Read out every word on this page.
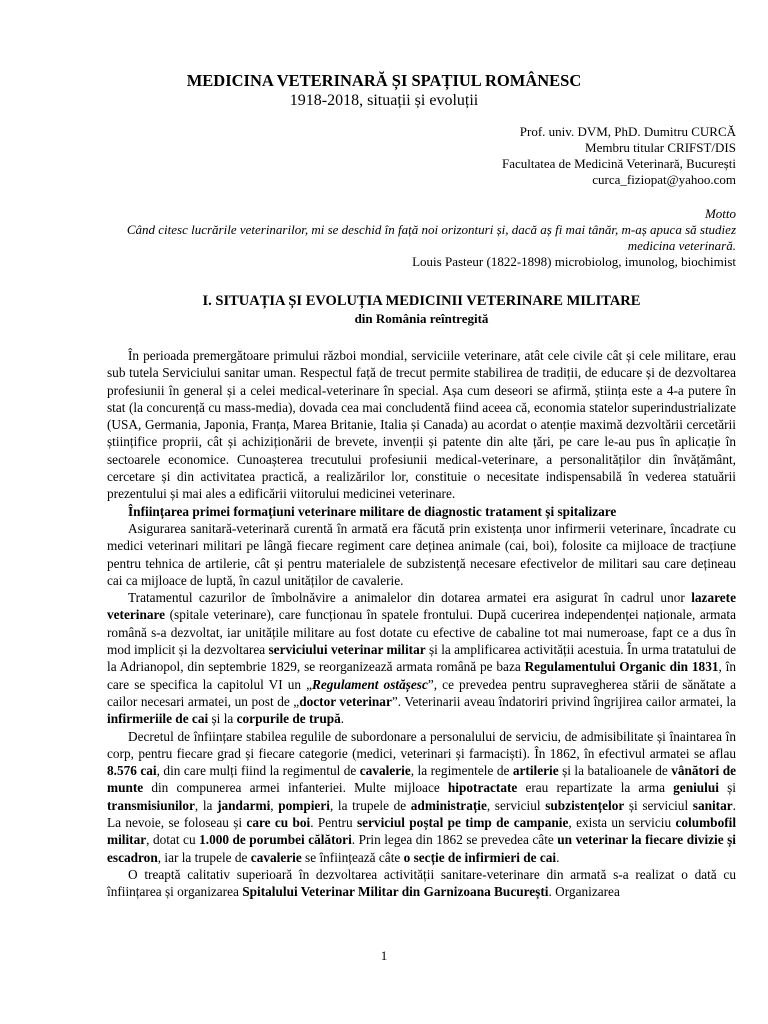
MEDICINA VETERINARĂ ȘI SPAȚIUL ROMÂNESC
1918-2018, situații și evoluții
Prof. univ. DVM, PhD. Dumitru CURCĂ
Membru titular CRIFST/DIS
Facultatea de Medicină Veterinară, București
curca_fiziopat@yahoo.com
Motto
Când citesc lucrările veterinarilor, mi se deschid în față noi orizonturi și, dacă aș fi mai tânăr, m-aș apuca să studiez medicina veterinară.
Louis Pasteur (1822-1898) microbiolog, imunolog, biochimist
I. SITUAȚIA ȘI EVOLUȚIA MEDICINII VETERINARE MILITARE
din România reîntregită

În perioada premergătoare primului război mondial, serviciile veterinare, atât cele civile cât și cele militare, erau sub tutela Serviciului sanitar uman. Respectul față de trecut permite stabilirea de tradiții, de educare și de dezvoltarea profesiunii în general și a celei medical-veterinare în special. Așa cum deseori se afirmă, știința este a 4-a putere în stat (la concurență cu mass-media), dovada cea mai concludentă fiind aceea că, economia statelor superindustrializate (USA, Germania, Japonia, Franța, Marea Britanie, Italia și Canada) au acordat o atenție maximă dezvoltării cercetării științifice proprii, cât și achiziționării de brevete, invenții și patente din alte țări, pe care le-au pus în aplicație în sectoarele economice. Cunoașterea trecutului profesiunii medical-veterinare, a personalităților din învățământ, cercetare și din activitatea practică, a realizărilor lor, constituie o necesitate indispensabilă în vederea statuării prezentului și mai ales a edificării viitorului medicinei veterinare.

Înființarea primei formațiuni veterinare militare de diagnostic tratament și spitalizare

Asigurarea sanitară-veterinară curentă în armată era făcută prin existența unor infirmerii veterinare, încadrate cu medici veterinari militari pe lângă fiecare regiment care deținea animale (cai, boi), folosite ca mijloace de tracțiune pentru tehnica de artilerie, cât și pentru materialele de subzistență necesare efectivelor de militari sau care dețineau cai ca mijloace de luptă, în cazul unităților de cavalerie.

Tratamentul cazurilor de îmbolnăvire a animalelor din dotarea armatei era asigurat în cadrul unor lazarete veterinare (spitale veterinare), care funcționau în spatele frontului. După cucerirea independenței naționale, armata română s-a dezvoltat, iar unitățile militare au fost dotate cu efective de cabaline tot mai numeroase, fapt ce a dus în mod implicit și la dezvoltarea serviciului veterinar militar și la amplificarea activității acestuia. În urma tratatului de la Adrianopol, din septembrie 1829, se reorganizează armata română pe baza Regulamentului Organic din 1831, în care se specifica la capitolul VI un „Regulament ostășesc”, ce prevedea pentru supravegherea stării de sănătate a cailor necesari armatei, un post de „doctor veterinar”. Veterinarii aveau îndatoriri privind îngrijirea cailor armatei, la infirmeriile de cai și la corpurile de trupă.

Decretul de înființare stabilea regulile de subordonare a personalului de serviciu, de admisibilitate și înaintarea în corp, pentru fiecare grad și fiecare categorie (medici, veterinari și farmaciști). În 1862, în efectivul armatei se aflau 8.576 cai, din care mulți fiind la regimentul de cavalerie, la regimentele de artilerie și la batalioanele de vânători de munte din compunerea armei infanteriei. Multe mijloace hipotractate erau repartizate la arma geniului și transmisiunilor, la jandarmi, pompieri, la trupele de administrație, serviciul subzistențelor și serviciul sanitar. La nevoie, se foloseau și care cu boi. Pentru serviciul poștal pe timp de campanie, exista un serviciu columbofil militar, dotat cu 1.000 de porumbei călători. Prin legea din 1862 se prevedea câte un veterinar la fiecare divizie și escadron, iar la trupele de cavalerie se înființează câte o secție de infirmieri de cai.

O treaptă calitativ superioară în dezvoltarea activității sanitare-veterinare din armată s-a realizat o dată cu înființarea și organizarea Spitalului Veterinar Militar din Garnizoana București. Organizarea

1
